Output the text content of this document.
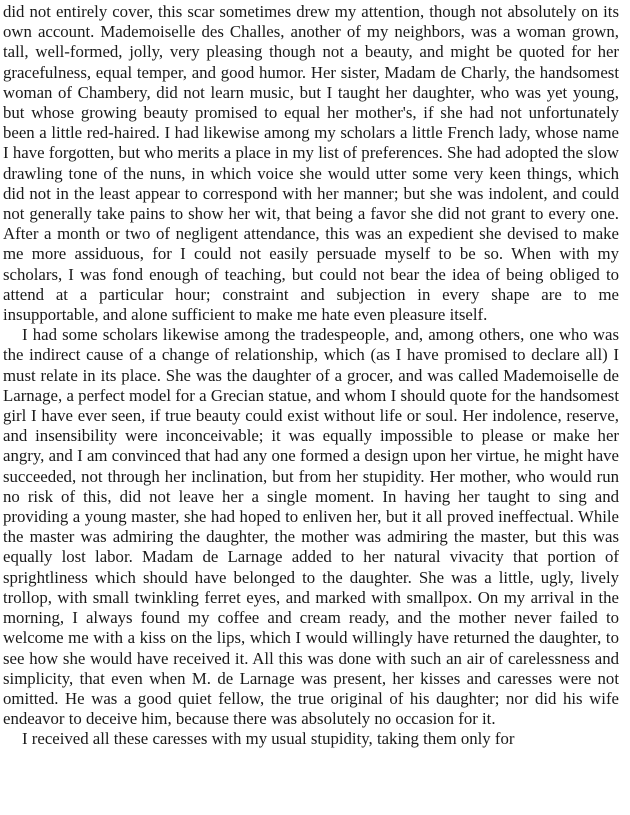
did not entirely cover, this scar sometimes drew my attention, though not absolutely on its own account. Mademoiselle des Challes, another of my neighbors, was a woman grown, tall, well-formed, jolly, very pleasing though not a beauty, and might be quoted for her gracefulness, equal temper, and good humor. Her sister, Madam de Charly, the handsomest woman of Chambery, did not learn music, but I taught her daughter, who was yet young, but whose growing beauty promised to equal her mother's, if she had not unfortunately been a little red-haired. I had likewise among my scholars a little French lady, whose name I have forgotten, but who merits a place in my list of preferences. She had adopted the slow drawling tone of the nuns, in which voice she would utter some very keen things, which did not in the least appear to correspond with her manner; but she was indolent, and could not generally take pains to show her wit, that being a favor she did not grant to every one. After a month or two of negligent attendance, this was an expedient she devised to make me more assiduous, for I could not easily persuade myself to be so. When with my scholars, I was fond enough of teaching, but could not bear the idea of being obliged to attend at a particular hour; constraint and subjection in every shape are to me insupportable, and alone sufficient to make me hate even pleasure itself.

I had some scholars likewise among the tradespeople, and, among others, one who was the indirect cause of a change of relationship, which (as I have promised to declare all) I must relate in its place. She was the daughter of a grocer, and was called Mademoiselle de Larnage, a perfect model for a Grecian statue, and whom I should quote for the handsomest girl I have ever seen, if true beauty could exist without life or soul. Her indolence, reserve, and insensibility were inconceivable; it was equally impossible to please or make her angry, and I am convinced that had any one formed a design upon her virtue, he might have succeeded, not through her inclination, but from her stupidity. Her mother, who would run no risk of this, did not leave her a single moment. In having her taught to sing and providing a young master, she had hoped to enliven her, but it all proved ineffectual. While the master was admiring the daughter, the mother was admiring the master, but this was equally lost labor. Madam de Larnage added to her natural vivacity that portion of sprightliness which should have belonged to the daughter. She was a little, ugly, lively trollop, with small twinkling ferret eyes, and marked with smallpox. On my arrival in the morning, I always found my coffee and cream ready, and the mother never failed to welcome me with a kiss on the lips, which I would willingly have returned the daughter, to see how she would have received it. All this was done with such an air of carelessness and simplicity, that even when M. de Larnage was present, her kisses and caresses were not omitted. He was a good quiet fellow, the true original of his daughter; nor did his wife endeavor to deceive him, because there was absolutely no occasion for it.

I received all these caresses with my usual stupidity, taking them only for
